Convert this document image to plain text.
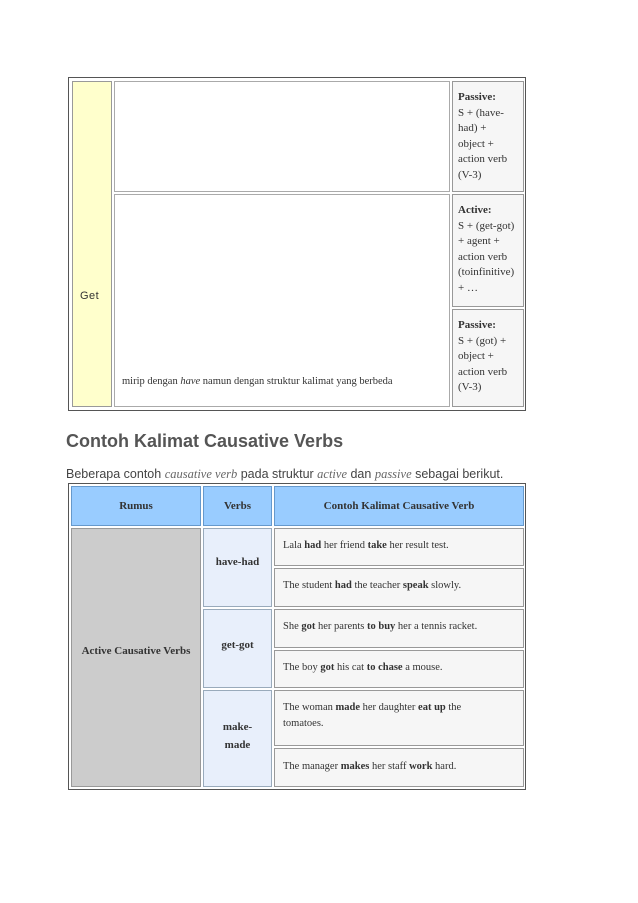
Get
mirip dengan have namun dengan struktur kalimat yang berbeda
Passive:
S + (have-
had) +
object +
action verb
(V-3)
Active:
S + (get-got)
+ agent +
action verb
(toinfinitive)
+ …
Passive:
S + (got) +
object +
action verb
(V-3)
Contoh Kalimat Causative Verbs
Beberapa contoh causative verb pada struktur active dan passive sebagai berikut.
Rumus	Verbs	Contoh Kalimat Causative Verb
Active Causative Verbs
have-had
get-got
make-
made
Lala had her friend take her result test.
The student had the teacher speak slowly.
She got her parents to buy her a tennis racket.
The boy got his cat to chase a mouse.
The woman made her daughter eat up the
tomatoes.
The manager makes her staff work hard.
